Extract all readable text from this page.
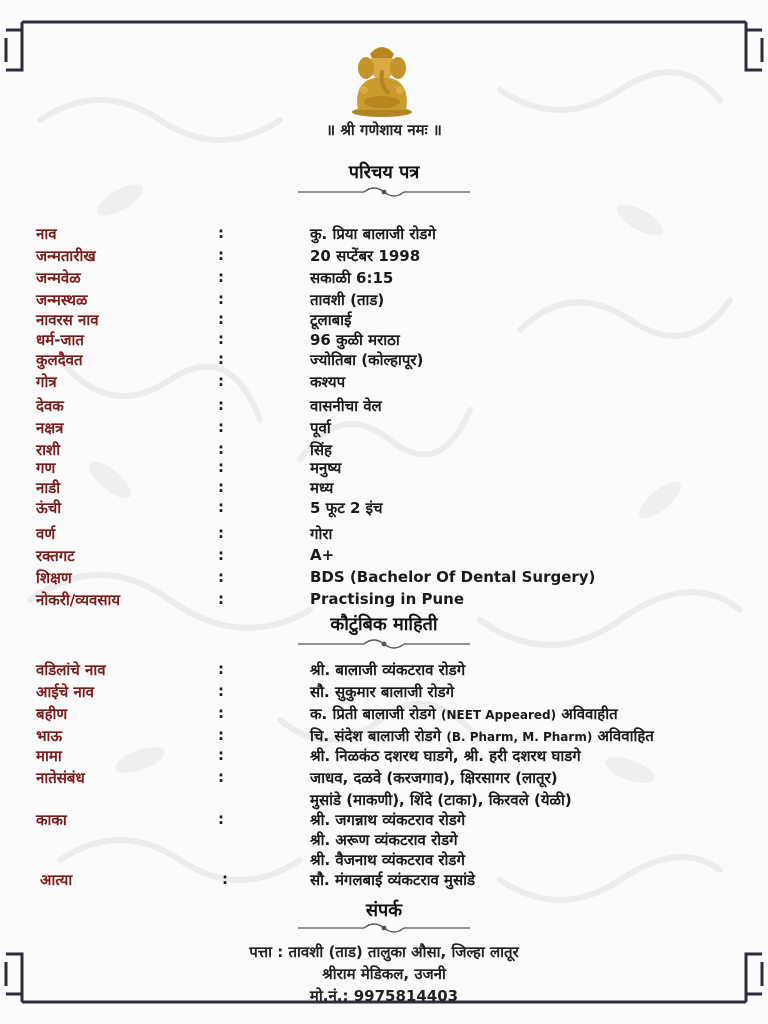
॥ श्री गणेशाय नमः ॥
परिचय पत्र
नाव	:	कु. प्रिया बालाजी रोडगे
जन्मतारीख	:	20 सप्टेंबर 1998
जन्मवेळ	:	सकाळी 6:15
जन्मस्थळ	:	तावशी (ताड)
नावरस नाव	:	टूलाबाई
धर्म-जात	:	96 कुळी मराठा
कुलदैवत	:	ज्योतिबा (कोल्हापूर)
गोत्र	:	कश्यप
देवक	:	वासनीचा वेल
नक्षत्र	:	पूर्वा
राशी	:	सिंह
गण	:	मनुष्य
नाडी	:	मध्य
ऊंची	:	5 फूट 2 इंच
वर्ण	:	गोरा
रक्तगट	:	A+
शिक्षण	:	BDS (Bachelor Of Dental Surgery)
नोकरी/व्यवसाय	:	Practising in Pune
कौटुंबिक माहिती
वडिलांचे नाव	:	श्री. बालाजी व्यंकटराव रोडगे
आईचे नाव	:	सौ. सुकुमार बालाजी रोडगे
बहीण	:	क. प्रिती बालाजी रोडगे (NEET Appeared) अविवाहीत
भाऊ	:	चि. संदेश बालाजी रोडगे (B. Pharm, M. Pharm) अविवाहित
मामा	:	श्री. निळकंठ दशरथ घाडगे, श्री. हरी दशरथ घाडगे
नातेसंबंध	:	जाधव, दळवे (करजगाव), क्षिरसागर (लातूर)
मुसांडे (माकणी), शिंदे (टाका), किरवले (येळी)
काका	:	श्री. जगन्नाथ व्यंकटराव रोडगे
श्री. अरूण व्यंकटराव रोडगे
श्री. वैजनाथ व्यंकटराव रोडगे
आत्या	:	सौ. मंगलबाई व्यंकटराव मुसांडे
संपर्क
पत्ता : तावशी (ताड) तालुका औसा, जिल्हा लातूर
श्रीराम मेडिकल, उजनी
मो.नं.: 9975814403
